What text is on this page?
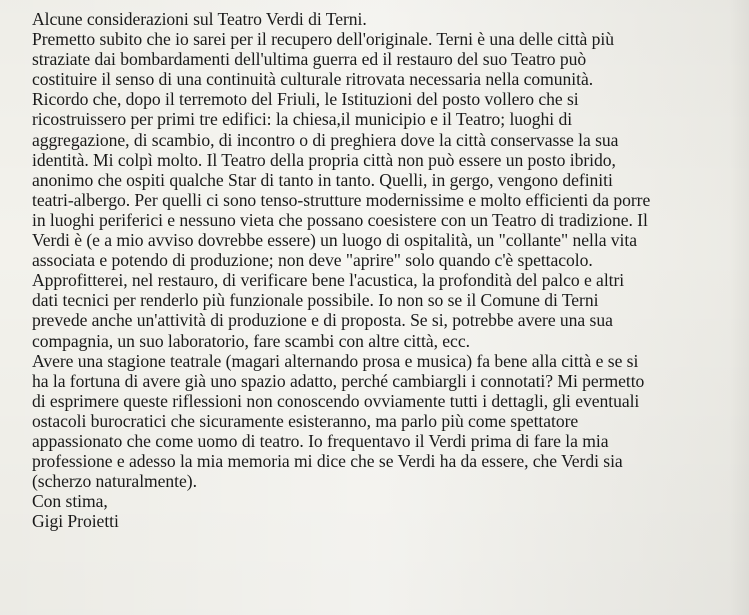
Alcune considerazioni sul Teatro Verdi di Terni.
Premetto subito che io sarei per il recupero dell'originale. Terni è una delle città più
straziate dai bombardamenti dell'ultima guerra ed il restauro del suo Teatro può
costituire il senso di una continuità culturale ritrovata necessaria nella comunità.
Ricordo che, dopo il terremoto del Friuli, le Istituzioni del posto vollero che si
ricostruissero per primi tre edifici: la chiesa,il municipio e il Teatro; luoghi di
aggregazione, di scambio, di incontro o di preghiera dove la città conservasse la sua
identità. Mi colpì molto. Il Teatro della propria città non può essere un posto ibrido,
anonimo che ospiti qualche Star di tanto in tanto. Quelli, in gergo, vengono definiti
teatri-albergo. Per quelli ci sono tenso-strutture modernissime e molto efficienti da porre
in luoghi periferici e nessuno vieta che possano coesistere con un Teatro di tradizione. Il
Verdi è (e a mio avviso dovrebbe essere) un luogo di ospitalità, un "collante" nella vita
associata e potendo di produzione; non deve "aprire" solo quando c'è spettacolo.
Approfitterei, nel restauro, di verificare bene l'acustica, la profondità del palco e altri
dati tecnici per renderlo più funzionale possibile. Io non so se il Comune di Terni
prevede anche un'attività di produzione e di proposta. Se si, potrebbe avere una sua
compagnia, un suo laboratorio, fare scambi con altre città, ecc.
Avere una stagione teatrale (magari alternando prosa e musica) fa bene alla città e se si
ha la fortuna di avere già uno spazio adatto, perché cambiargli i connotati? Mi permetto
di esprimere queste riflessioni non conoscendo ovviamente tutti i dettagli, gli eventuali
ostacoli burocratici che sicuramente esisteranno, ma parlo più come spettatore
appassionato che come uomo di teatro. Io frequentavo il Verdi prima di fare la mia
professione e adesso la mia memoria mi dice che se Verdi ha da essere, che Verdi sia
(scherzo naturalmente).
Con stima,
Gigi Proietti
